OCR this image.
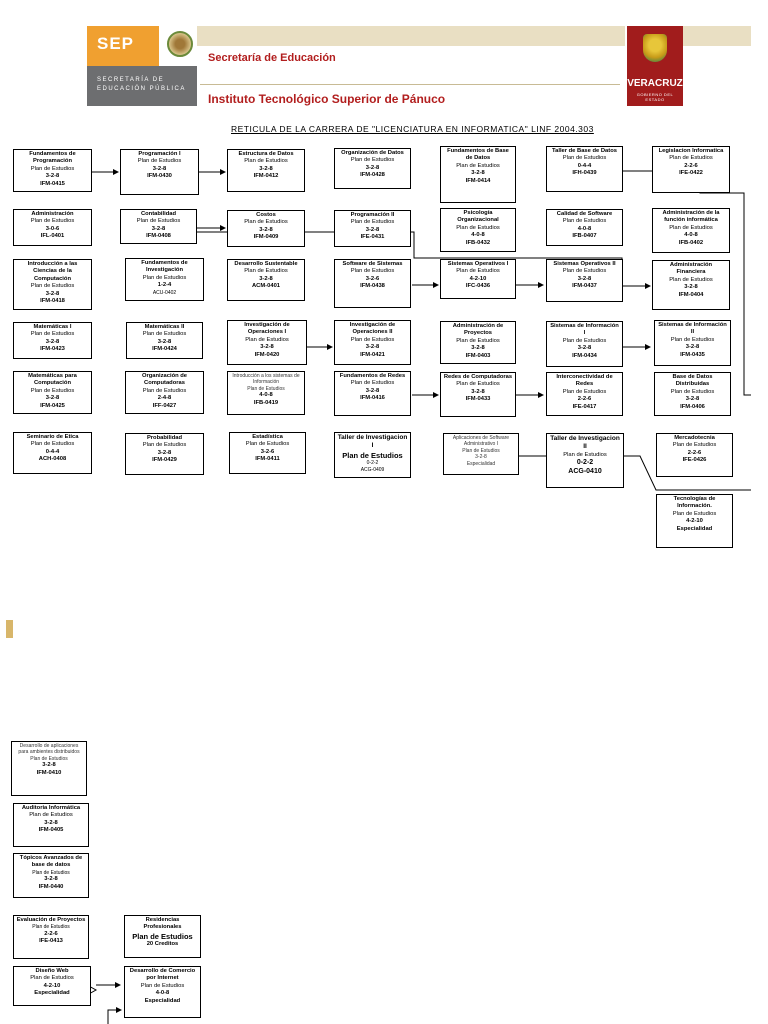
SEP
SECRETARÍA DE
EDUCACIÓN PÚBLICA
Secretaría de Educación
Instituto Tecnológico Superior de Pánuco
VERACRUZ
GOBIERNO DEL ESTADO
RETICULA DE LA CARRERA DE "LICENCIATURA EN INFORMATICA" LINF 2004.303
Fundamentos de Programación
Plan de Estudios
3-2-8
IFM-0415
Administración
Plan de Estudios
3-0-6
IFL-0401
Introducción a las Ciencias de la Computación
Plan de Estudios
3-2-8
IFM-0418
Matemáticas I
Plan de Estudios
3-2-8
IFM-0423
Matemáticas para Computación
Plan de Estudios
3-2-8
IFM-0425
Seminario de Etica
Plan de Estudios
0-4-4
ACH-0408
Programación I
Plan de Estudios
3-2-8
IFM-0430
Contabilidad
Plan de Estudios
3-2-8
IFM-0408
Fundamentos de Investigación
Plan de Estudios
1-2-4
ACU-0402
Matemáticas II
Plan de Estudios
3-2-8
IFM-0424
Organización de Computadoras
Plan de Estudios
2-4-8
IFF-0427
Probabilidad
Plan de Estudios
3-2-8
IFM-0429
Estructura de Datos
Plan de Estudios
3-2-8
IFM-0412
Costos
Plan de Estudios
3-2-8
IFM-0409
Desarrollo Sustentable
Plan de Estudios
3-2-8
ACM-0401
Investigación de Operaciones I
Plan de Estudios
3-2-8
IFM-0420
Introducción a los sistemas de Información
Plan de Estudios
4-0-8
IFB-0419
Estadística
Plan de Estudios
3-2-6
IFM-0411
Organización de Datos
Plan de Estudios
3-2-8
IFM-0428
Programación II
Plan de Estudios
3-2-8
IFE-0431
Software de Sistemas
Plan de Estudios
3-2-6
IFM-0438
Investigación de Operaciones II
Plan de Estudios
3-2-8
IFM-0421
Fundamentos de Redes
Plan de Estudios
3-2-8
IFM-0416
Taller de Investigacion I
Plan de Estudios
0-2-2
ACG-0409
Fundamentos de Base de Datos
Plan de Estudios
3-2-8
IFM-0414
Psicología Organizacional
Plan de Estudios
4-0-8
IFB-0432
Sistemas Operativos I
Plan de Estudios
4-2-10
IFC-0436
Administración de Proyectos
Plan de Estudios
3-2-8
IFM-0403
Redes de Computadoras
Plan de Estudios
3-2-8
IFM-0433
Aplicaciones de Software Administrativo I
Plan de Estudios
3-2-8
Especialidad
Taller de Base de Datos
Plan de Estudios
0-4-4
IFH-0439
Calidad de Software
Plan de Estudios
4-0-8
IFB-0407
Sistemas Operativos II
Plan de Estudios
3-2-8
IFM-0437
Sistemas de Información I
Plan de Estudios
3-2-8
IFM-0434
Interconectividad de Redes
Plan de Estudios
2-2-6
IFE-0417
Taller de Investigacion II
Plan de Estudios
0-2-2
ACG-0410
Legislacion Informatica
Plan de Estudios
2-2-6
IFE-0422
Administración de la función informática
Plan de Estudios
4-0-8
IFB-0402
Administración Financiera
Plan de Estudios
3-2-8
IFM-0404
Sistemas de Información II
Plan de Estudios
3-2-8
IFM-0435
Base de Datos Distribuidas
Plan de Estudios
3-2-8
IFM-0406
Mercadotecnia
Plan de Estudios
2-2-6
IFE-0426
Tecnologías de Información.
Plan de Estudios
4-2-10
Especialidad
Desarrollo de aplicaciones para ambientes distribuidos
Plan de Estudios
3-2-8
IFM-0410
Auditoria Informática
Plan de Estudios
3-2-8
IFM-0405
Tópicos Avanzados de base de datos
Plan de Estudios
3-2-8
IFM-0440
Evaluación de Proyectos
Plan de Estudios
2-2-6
IFE-0413
Diseño Web
Plan de Estudios
4-2-10
Especialidad
Residencias Profesionales
Plan de Estudios
20 Creditos
Desarrollo de Comercio por Internet
Plan de Estudios
4-0-8
Especialidad
